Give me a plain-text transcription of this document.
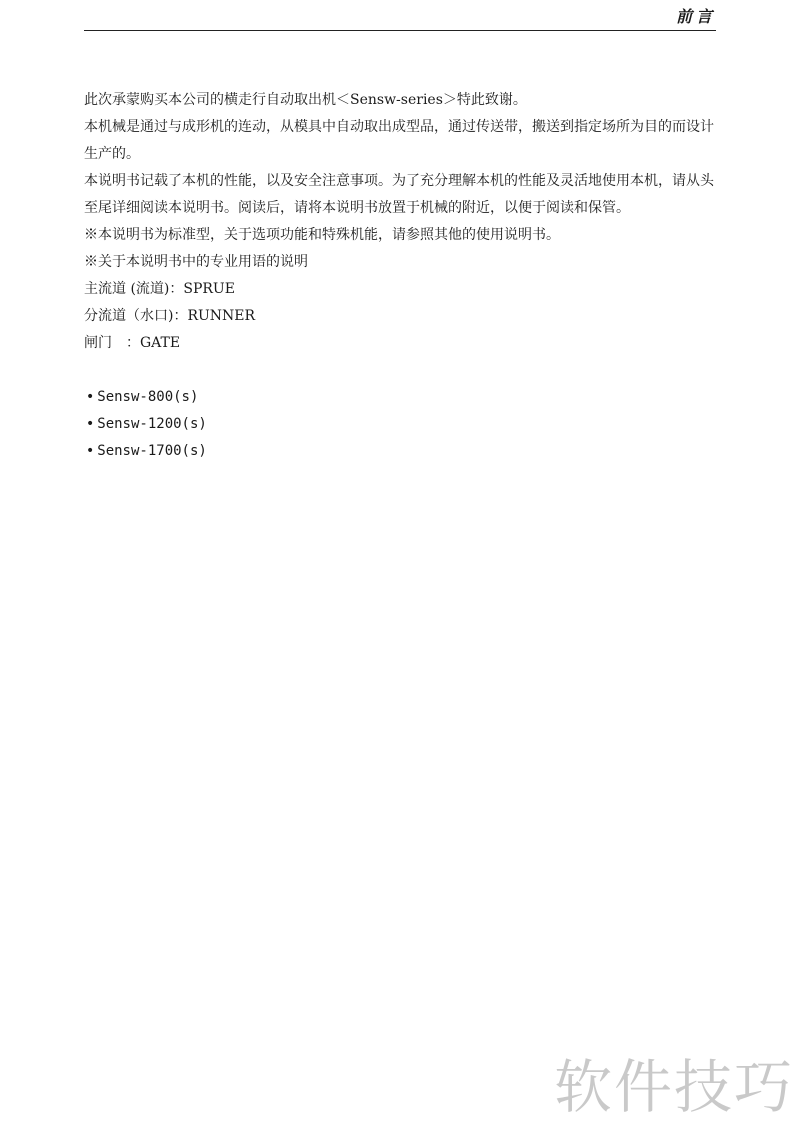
前言

此次承蒙购买本公司的横走行自动取出机＜Sensw-series＞特此致谢。

本机械是通过与成形机的连动，从模具中自动取出成型品，通过传送带，搬送到指定场所为目的而设计生产的。

本说明书记载了本机的性能，以及安全注意事项。为了充分理解本机的性能及灵活地使用本机，请从头至尾详细阅读本说明书。阅读后，请将本说明书放置于机械的附近，以便于阅读和保管。

※本说明书为标准型，关于选项功能和特殊机能，请参照其他的使用说明书。

※关于本说明书中的专业用语的说明

主流道 (流道)：SPRUE

分流道（水口)：RUNNER

闸门　：GATE

• Sensw-800(s)
• Sensw-1200(s)
• Sensw-1700(s)
软件技巧
